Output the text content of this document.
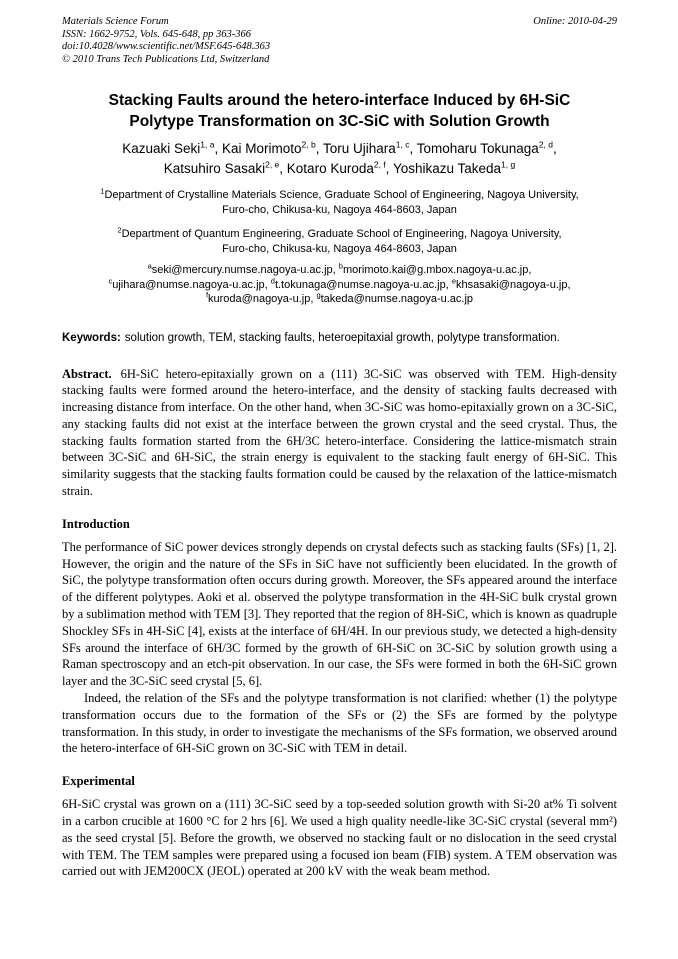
Materials Science Forum
ISSN: 1662-9752, Vols. 645-648, pp 363-366
doi:10.4028/www.scientific.net/MSF.645-648.363
© 2010 Trans Tech Publications Ltd, Switzerland
Online: 2010-04-29
Stacking Faults around the hetero-interface Induced by 6H-SiC
Polytype Transformation on 3C-SiC with Solution Growth
Kazuaki Seki$^{1, a}$, Kai Morimoto$^{2, b}$, Toru Ujihara$^{1, c}$, Tomoharu Tokunaga$^{2, d}$,
Katsuhiro Sasaki$^{2, e}$, Kotaro Kuroda$^{2, f}$, Yoshikazu Takeda$^{1, g}$
$^1$Department of Crystalline Materials Science, Graduate School of Engineering, Nagoya University,
Furo-cho, Chikusa-ku, Nagoya 464-8603, Japan
$^2$Department of Quantum Engineering, Graduate School of Engineering, Nagoya University,
Furo-cho, Chikusa-ku, Nagoya 464-8603, Japan
$^a$seki@mercury.numse.nagoya-u.ac.jp, $^b$morimoto.kai@g.mbox.nagoya-u.ac.jp,
$^c$ujihara@numse.nagoya-u.ac.jp, $^d$t.tokunaga@numse.nagoya-u.ac.jp, $^e$khsasaki@nagoya-u.jp,
$^f$kuroda@nagoya-u.jp, $^g$takeda@numse.nagoya-u.ac.jp
Keywords: solution growth, TEM, stacking faults, heteroepitaxial growth, polytype transformation.
Abstract. 6H-SiC hetero-epitaxially grown on a (111) 3C-SiC was observed with TEM. High-density stacking faults were formed around the hetero-interface, and the density of stacking faults decreased with increasing distance from interface. On the other hand, when 3C-SiC was homo-epitaxially grown on a 3C-SiC, any stacking faults did not exist at the interface between the grown crystal and the seed crystal. Thus, the stacking faults formation started from the 6H/3C hetero-interface. Considering the lattice-mismatch strain between 3C-SiC and 6H-SiC, the strain energy is equivalent to the stacking fault energy of 6H-SiC. This similarity suggests that the stacking faults formation could be caused by the relaxation of the lattice-mismatch strain.
Introduction
The performance of SiC power devices strongly depends on crystal defects such as stacking faults (SFs) [1, 2]. However, the origin and the nature of the SFs in SiC have not sufficiently been elucidated. In the growth of SiC, the polytype transformation often occurs during growth. Moreover, the SFs appeared around the interface of the different polytypes. Aoki et al. observed the polytype transformation in the 4H-SiC bulk crystal grown by a sublimation method with TEM [3]. They reported that the region of 8H-SiC, which is known as quadruple Shockley SFs in 4H-SiC [4], exists at the interface of 6H/4H. In our previous study, we detected a high-density SFs around the interface of 6H/3C formed by the growth of 6H-SiC on 3C-SiC by solution growth using a Raman spectroscopy and an etch-pit observation. In our case, the SFs were formed in both the 6H-SiC grown layer and the 3C-SiC seed crystal [5, 6].
Indeed, the relation of the SFs and the polytype transformation is not clarified: whether (1) the polytype transformation occurs due to the formation of the SFs or (2) the SFs are formed by the polytype transformation. In this study, in order to investigate the mechanisms of the SFs formation, we observed around the hetero-interface of 6H-SiC grown on 3C-SiC with TEM in detail.
Experimental
6H-SiC crystal was grown on a (111) 3C-SiC seed by a top-seeded solution growth with Si-20 at% Ti solvent in a carbon crucible at 1600 °C for 2 hrs [6]. We used a high quality needle-like 3C-SiC crystal (several mm²) as the seed crystal [5]. Before the growth, we observed no stacking fault or no dislocation in the seed crystal with TEM. The TEM samples were prepared using a focused ion beam (FIB) system. A TEM observation was carried out with JEM200CX (JEOL) operated at 200 kV with the weak beam method.
